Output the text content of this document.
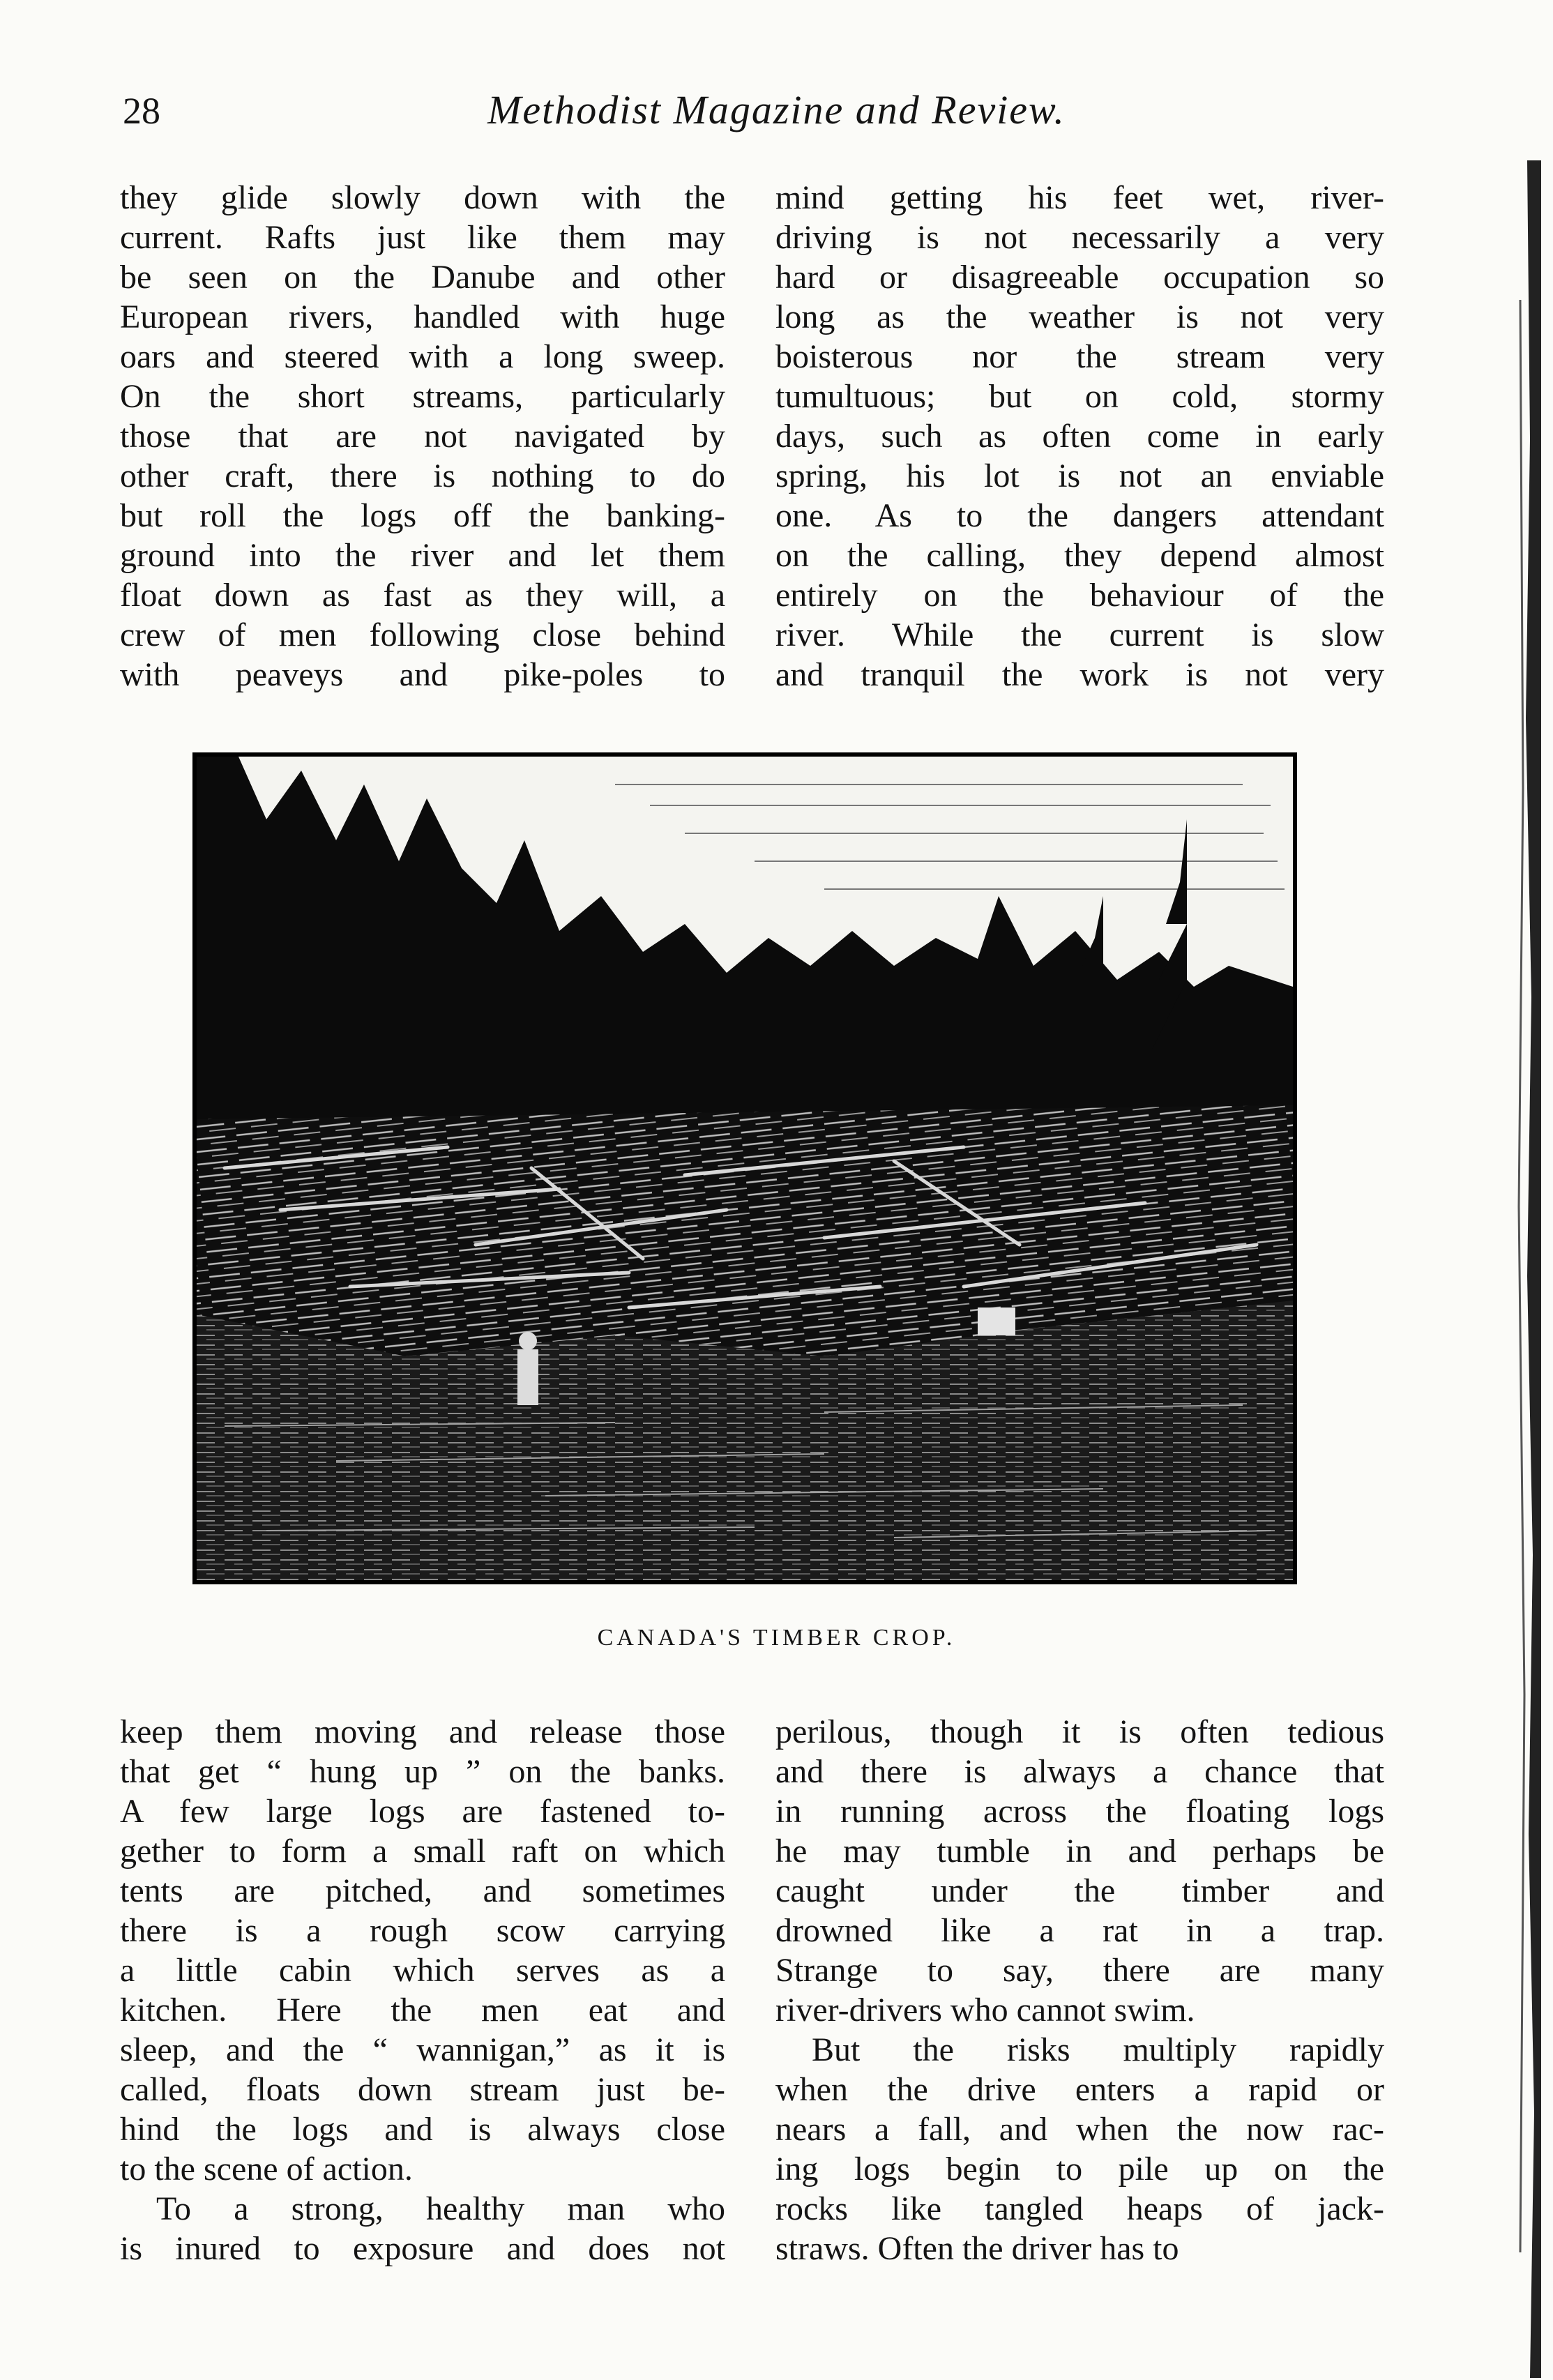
28	Methodist Magazine and Review.
they glide slowly down with the
current. Rafts just like them may
be seen on the Danube and other
European rivers, handled with huge
oars and steered with a long sweep.
On the short streams, particularly
those that are not navigated by
other craft, there is nothing to do
but roll the logs off the banking-
ground into the river and let them
float down as fast as they will, a
crew of men following close behind
with peaveys and pike-poles to
mind getting his feet wet, river-
driving is not necessarily a very
hard or disagreeable occupation so
long as the weather is not very
boisterous nor the stream very
tumultuous; but on cold, stormy
days, such as often come in early
spring, his lot is not an enviable
one. As to the dangers attendant
on the calling, they depend almost
entirely on the behaviour of the
river. While the current is slow
and tranquil the work is not very
CANADA'S TIMBER CROP.
keep them moving and release those
that get “ hung up ” on the banks.
A few large logs are fastened to-
gether to form a small raft on which
tents are pitched, and sometimes
there is a rough scow carrying
a little cabin which serves as a
kitchen. Here the men eat and
sleep, and the “ wannigan,” as it is
called, floats down stream just be-
hind the logs and is always close
to the scene of action.
To a strong, healthy man who
is inured to exposure and does not
perilous, though it is often tedious
and there is always a chance that
in running across the floating logs
he may tumble in and perhaps be
caught under the timber and
drowned like a rat in a trap.
Strange to say, there are many
river-drivers who cannot swim.
But the risks multiply rapidly
when the drive enters a rapid or
nears a fall, and when the now rac-
ing logs begin to pile up on the
rocks like tangled heaps of jack-
straws. Often the driver has to
